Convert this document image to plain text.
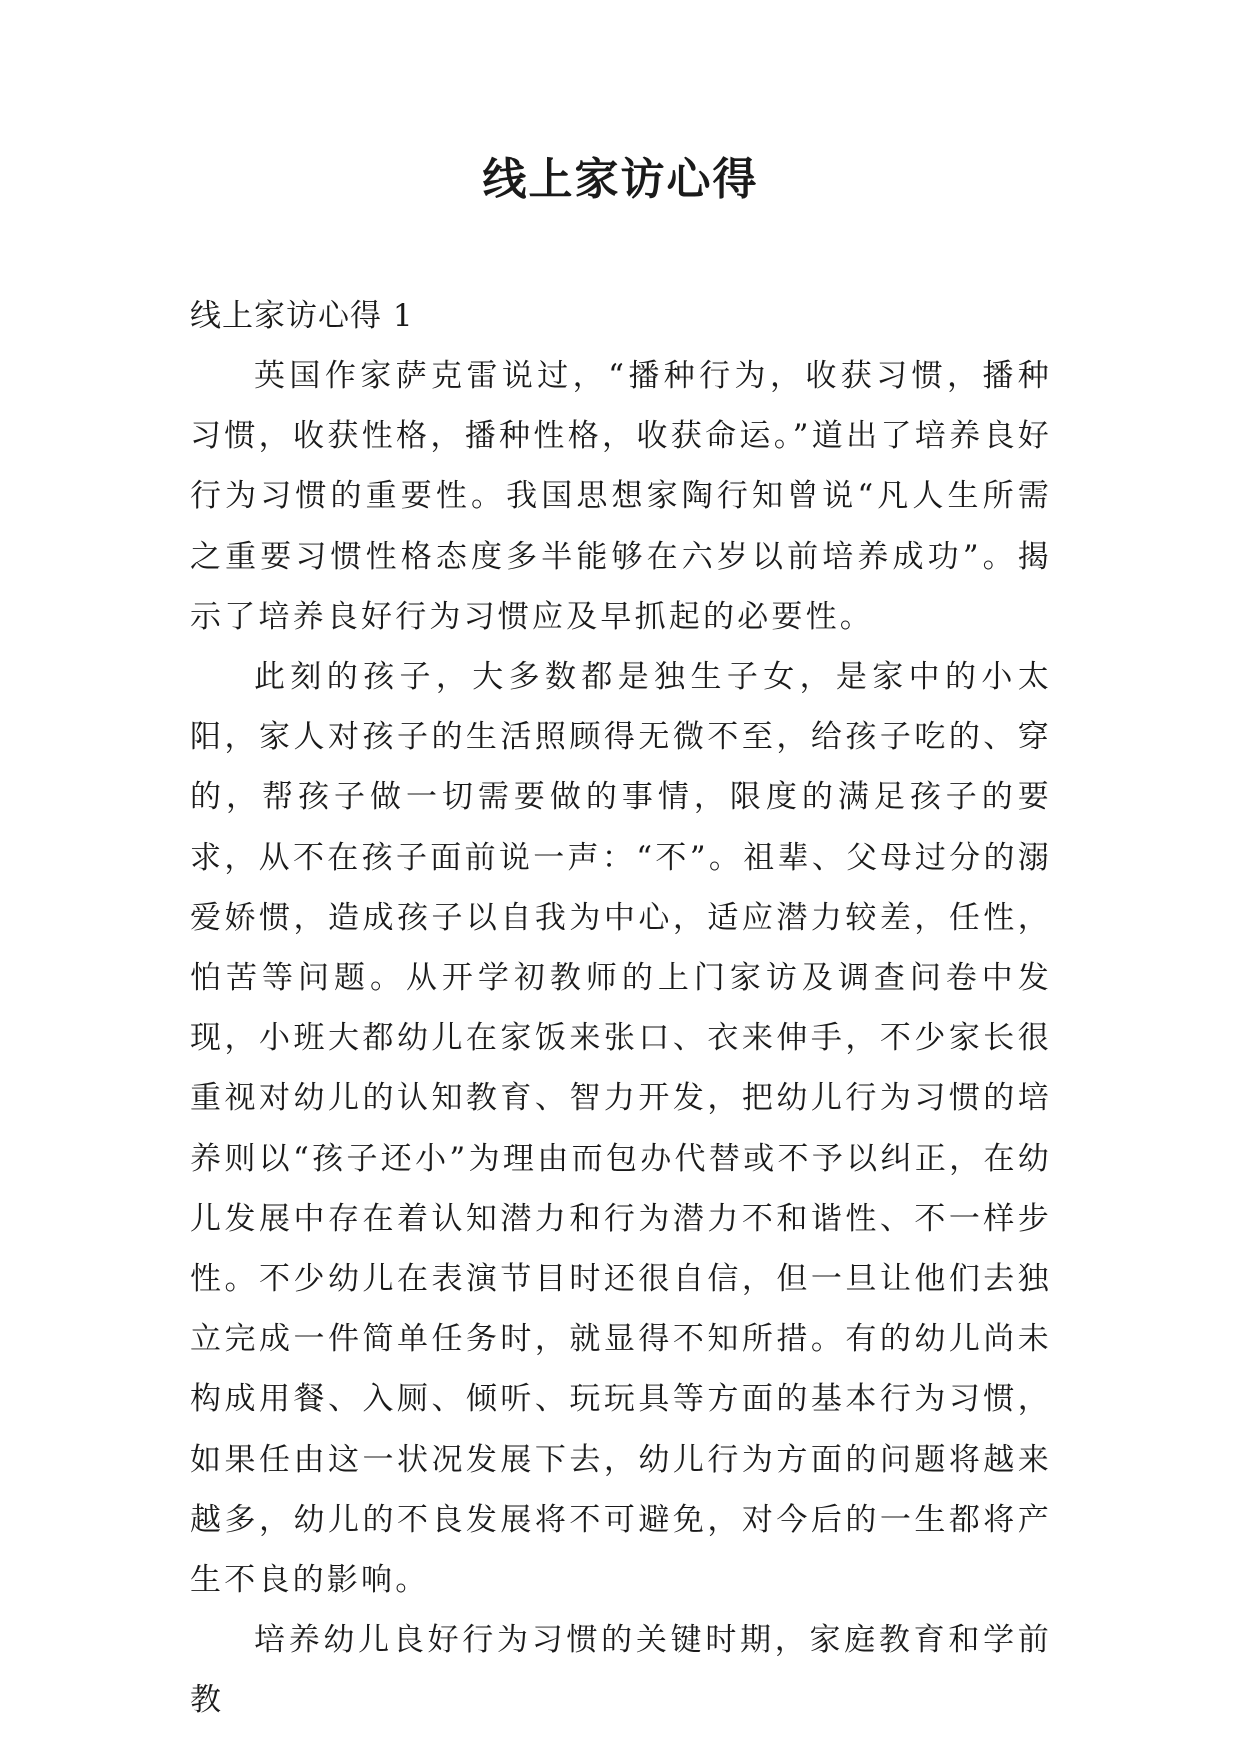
线上家访心得
线上家访心得 1

英国作家萨克雷说过，“播种行为，收获习惯，播种习惯，收获性格，播种性格，收获命运。”道出了培养良好行为习惯的重要性。我国思想家陶行知曾说“凡人生所需之重要习惯性格态度多半能够在六岁以前培养成功”。揭示了培养良好行为习惯应及早抓起的必要性。

此刻的孩子，大多数都是独生子女，是家中的小太阳，家人对孩子的生活照顾得无微不至，给孩子吃的、穿的，帮孩子做一切需要做的事情，限度的满足孩子的要求，从不在孩子面前说一声：“不”。祖辈、父母过分的溺爱娇惯，造成孩子以自我为中心，适应潜力较差，任性，怕苦等问题。从开学初教师的上门家访及调查问卷中发现，小班大都幼儿在家饭来张口、衣来伸手，不少家长很重视对幼儿的认知教育、智力开发，把幼儿行为习惯的培养则以“孩子还小”为理由而包办代替或不予以纠正，在幼儿发展中存在着认知潜力和行为潜力不和谐性、不一样步性。不少幼儿在表演节目时还很自信，但一旦让他们去独立完成一件简单任务时，就显得不知所措。有的幼儿尚未构成用餐、入厕、倾听、玩玩具等方面的基本行为习惯，如果任由这一状况发展下去，幼儿行为方面的问题将越来越多，幼儿的不良发展将不可避免，对今后的一生都将产生不良的影响。

培养幼儿良好行为习惯的关键时期，家庭教育和学前教
